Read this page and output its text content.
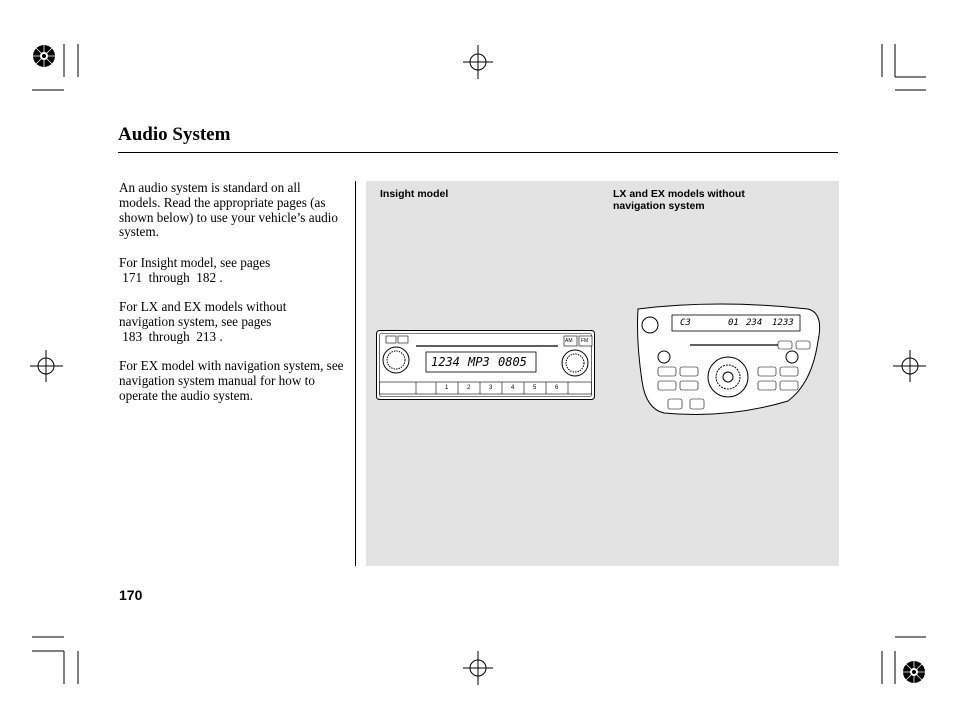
Audio System
An audio system is standard on all models. Read the appropriate pages (as shown below) to use your vehicle’s audio system.
For Insight model, see pages
171  through  182 .
For LX and EX models without navigation system, see pages
183  through  213 .
For EX model with navigation system, see navigation system manual for how to operate the audio system.
Insight model	LX and EX models without navigation system
1234 MP3 0805
AM FM
1	2	3	4	5	6
C3	01 234 1233
170
